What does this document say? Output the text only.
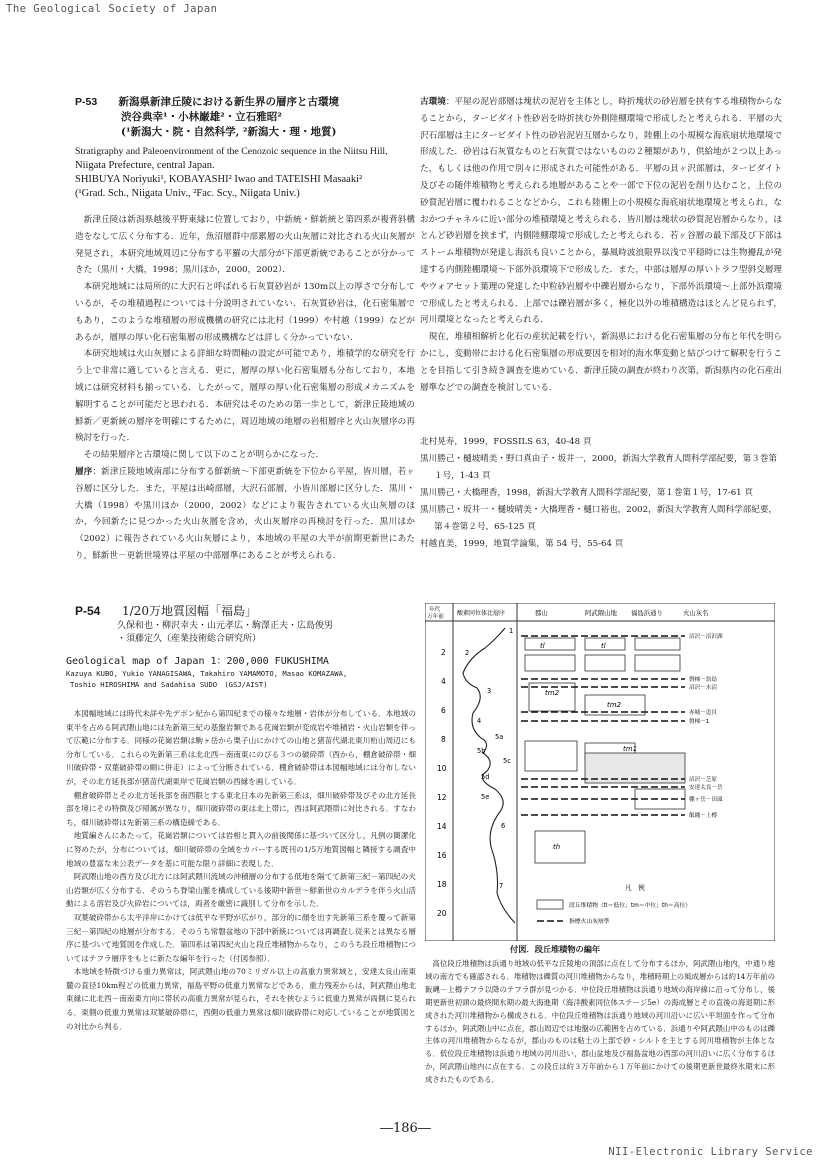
The Geological Society of Japan
P-53 新潟県新津丘陵における新生界の層序と古環境
渋谷典幸¹・小林巌雄²・立石雅昭²
(¹新潟大・院・自然科学, ²新潟大・理・地質)
Stratigraphy and Paleoenvironment of the Cenozoic sequence in the Niitsu Hill,
Niigata Prefecture, central Japan.
SHIBUYA Noriyuki¹, KOBAYASHI² Iwao and TATEISHI Masaaki²
(¹Grad. Sch., Niigata Univ., ²Fac. Scy., Niigata Univ.)
新津丘陵は新潟県越後平野東縁に位置しており，中新統・鮮新統と第四系が複背斜構造をなして広く分布する．近年，魚沼層群中部累層の火山灰層に対比される火山灰層が発見され，本研究地域周辺に分布する平羅の大部分が下部更新統であることが分かってきた（黒川・大橋，1998；黒川ほか，2000，2002）．
本研究地域には局所的に大沢石と呼ばれる石灰質砂岩が 130m以上の厚さで分布しているが，その堆積過程については十分説明されていない．石灰質砂岩は，化石密集層でもあり，このような堆積層の形成機構の研究には北村（1999）や村越（1999）などがあるが，層厚の厚い化石密集層の形成機構などは詳しく分かっていない．
本研究地域は火山灰層による詳細な時間軸の設定が可能であり，堆積学的な研究を行う上で非常に適していると言える．更に，層厚の厚い化石密集層も分布しており，本地域には研究材料も揃っている．したがって，層厚の厚い化石密集層の形成メカニズムを解明することが可能だと思われる．本研究はそのための第一歩として，新津丘陵地域の鮮新／更新統の層序を明確にするために，周辺地域の地層の岩相層序と火山灰層序の再検討を行った．
その結果層序と古環境に関して以下のことが明らかになった．
層序：新津丘陵地域南部に分布する鮮新統～下部更新統を下位から平屋，皆川層，若ヶ谷層に区分した．また，平屋は出崎部層，大沢石部層，小皆川部層に区分した．黒川・大橋（1998）や黒川ほか（2000，2002）などにより報告されている火山灰層のほか，今回新たに見つかった火山灰層を含め，火山灰層序の再検討を行った．黒川ほか（2002）に報告されている火山灰層により，本地域の平屋の大半が前期更新世にあたり，鮮新世－更新世境界は平屋の中部層準にあることが考えられる．
古環境：平屋の泥岩部層は塊状の泥岩を主体とし，時折塊状の砂岩層を挟有する堆積物からなることから，タービダイト性砂岩を時折挟む外側陸棚環境で形成したと考えられる．平層の大沢石部層は主にタービダイト性の砂岩泥岩互層からなり，陸棚上の小規模な海底扇状地環境で形成した．砂岩は石灰質なものと石灰質ではないものの２種類があり，供給地が２つ以上あった，もしくは他の作用で別々に形成された可能性がある．平層の貝ヶ沢部層は，タービダイト及びその随伴堆積物と考えられる地層があることや一部で下位の泥岩を削り込むこと，上位の砂質泥岩層に覆われることなどから，これも陸棚上の小規模な海底扇状地環境と考えられ，なおかつチャネルに近い部分の堆積環境と考えられる．皆川層は塊状の砂質泥岩層からなり，ほとんど砂岩層を挟まず，内側陸棚環境で形成したと考えられる．若ヶ谷層の最下部及び下部はストーム堆積物が発達し海浜も良いことから，暴風時波浪限界以浅で平穏時には生物擾乱が発達する内側陸棚環境～下部外浜環境下で形成した．また，中部は層厚の厚いトラフ型斜交層理やウォアセット葉理の発達した中粒砂岩層や中礫岩層からなり，下部外浜環境～上部外浜環境で形成したと考えられる．上部では礫岩層が多く，極化以外の堆積構造はほとんど見られず，河川環境となったと考えられる．
現在，堆積相解析と化石の産状記載を行い，新潟県における化石密集層の分布と年代を明らかにし，変動帯における化石密集層の形成要因を相対的海水準変動と結びつけて解釈を行うことを目指して引き続き調査を進めている．新津丘陵の調査が終わり次第，新潟県内の化石産出層準などでの調査を検討している．
北村晃寿，1999，FOSSILS 63，40-48 頁
黒川勝己・樋坡晴美・野口真由子・坂井一，2000，新潟大学教育人間科学部紀要，第３巻第１号，1-43 頁
黒川勝己・大橋理香，1998，新潟大学教育人間科学部紀要，第１巻第１号，17-61 頁
黒川勝己・坂井一・樋坡晴美・大橋理香・樋口裕也，2002，新潟大学教育人間科学部紀要，第４巻第２号，65-125 頁
村越直美，1999，地質学論集，第 54 号，55-64 頁
P-54 1/20万地質図幅「福島」
久保和也・柳沢幸夫・山元孝広・駒澤正夫・広島俊男
・須藤定久（産業技術総合研究所）
Geological map of Japan 1：200,000 FUKUSHIMA
Kazuya KUBO, Yukio YANAGISAWA, Takahiro YAMAMOTO, Masao KOMAZAWA,
Toshio HIROSHIMA and Sadahisa SUDO　(GSJ/AIST)
本図幅地域には時代未詳や先デボン紀から第四紀までの様々な地層・岩体が分布している．本地域の東半を占める阿武隈山地には先新第三紀の基盤岩類である花崗岩類が変成岩や堆積岩・火山岩類を伴って広範に分布する．同様の花崗岩類は駒ヶ岳から栗子山にかけての山地と猪苗代湖北東川桁山周辺にも分布している．これらの先新第三系は北北西－南南東にのびる３つの破砕帯（西から，棚倉破砕帯・畑川破砕帯・双葉破砕帯の順に併走）によって分断されている．棚倉破砕帯は本図幅地域には分布しないが，その北方延長部が猪苗代湖東岸で花崗岩類の西縁を画している．
　棚倉破砕帯とその北方延長部を南西限とする東北日本の先新第三系は，畑川破砕帯及びその北方延長部を境にその特徴及び帰属が異なり，畑川破砕帯の東は北上帯に，西は阿武隈帯に対比される．すなわち，畑川破砕帯は先新第三系の構造線である．
　地質編さんにあたって，花崗岩類については岩相と貫入の前後関係に基づいて区分し，凡例の簡潔化に努めたが，分布については，畑川破砕帯の全域をカバーする既刊の1/5万地質図幅と隣接する調査中地域の豊富な未公表データを基に可能な限り詳細に表現した．
　阿武隈山地の西方及び北方には阿武隈川流域の沖積層の分布する低地を隔てて新第三紀－第四紀の火山岩類が広く分布する．そのうち脊梁山脈を構成している後期中新世～鮮新世のカルデラを伴う火山活動による溶岩及び火砕岩については，両者を厳密に識別して分布を示した．
　双葉破砕帯から太平洋岸にかけては低平な平野が広がり，部分的に顔を出す先新第三系を覆って新第三紀－第四紀の地層が分布する．そのうち常磐盆地の下部中新統については再調査し従来とは異なる層序に基づいて地質図を作成した．第四系は第四紀火山と段丘堆積物からなり，このうち段丘堆積物についてはテフラ層序をもとに新たな編年を行った（付図参照）．
　本地域を特徴づける重力異常は，阿武隈山地の70ミリガル以上の高重力異常域と，安達太良山南東麓の直径10km程どの低重力異常，福島平野の低重力異常などである．重力残差からは，阿武隈山地北東縁に北北西－南南東方向に帯状の高重力異常が見られ，それを挟むように低重力異常が両側に見られる．東側の低重力異常は双葉破砕帯に，西側の低重力異常は畑川破砕帯に対応していることが地質図との対比から判る．
年代
万年前 酸素同位体比層序	郡山	阿武隈山地 福島浜通り	火山灰名
2
4
6
8
10
12
14
16
18
20
1
2
3
4
5a
5b
5c
5d
5e
6
7
tm2
tm2
tm1
tl	tl
th
沼沢－沼沢湖
磐梯－翁島
沼沢－水沼
赤城－追貝
磐梯－1
沼沢－芝原
安達太良－岳
棚ヶ岳－田頭
飯縄－上樽
凡　例
段丘堆積物（tl＝低位；tm＝中位；th＝高位）
指標火山灰層準
付図．段丘堆積物の編年
高位段丘堆積物は浜通り地域の低平な丘陵地の頂部に点在して分布するほか，阿武隈山地内，中通り地域の南方でも確認される．堆積物は礫質の河川堆積物からなり，堆積時期上の風成層からは約14万年前の飯縄－上樽テフラ以降のテフラ群が見つかる．中位段丘堆積物は浜通り地域の海岸線に沿って分布し，後期更新世初頭の最終間氷期の最大海進期（海洋酸素同位体ステージ5e）の海成層とその直後の海退期に形成された河川堆積物から構成される．中位段丘堆積物は浜通り地域の河川沿いに広い平坦面を作って分布するほか，阿武隈山中に点在，郡山周辺では地盤の広範囲を占めている．浜通りや阿武隈山中のものは礫主体の河川堆積物からなるが，郡山のものは粘土の上部で砂・シルトを主とする河川堆積物が主体となる．低位段丘堆積物は浜通り地域の河川沿い，郡山盆地及び福島盆地の西部の河川沿いに広く分布するほか，阿武隈山地内に点在する．この段丘は約３万年前から１万年前にかけての後期更新世最終氷期末に形成されたものである．
―186―
NII-Electronic Library Service
